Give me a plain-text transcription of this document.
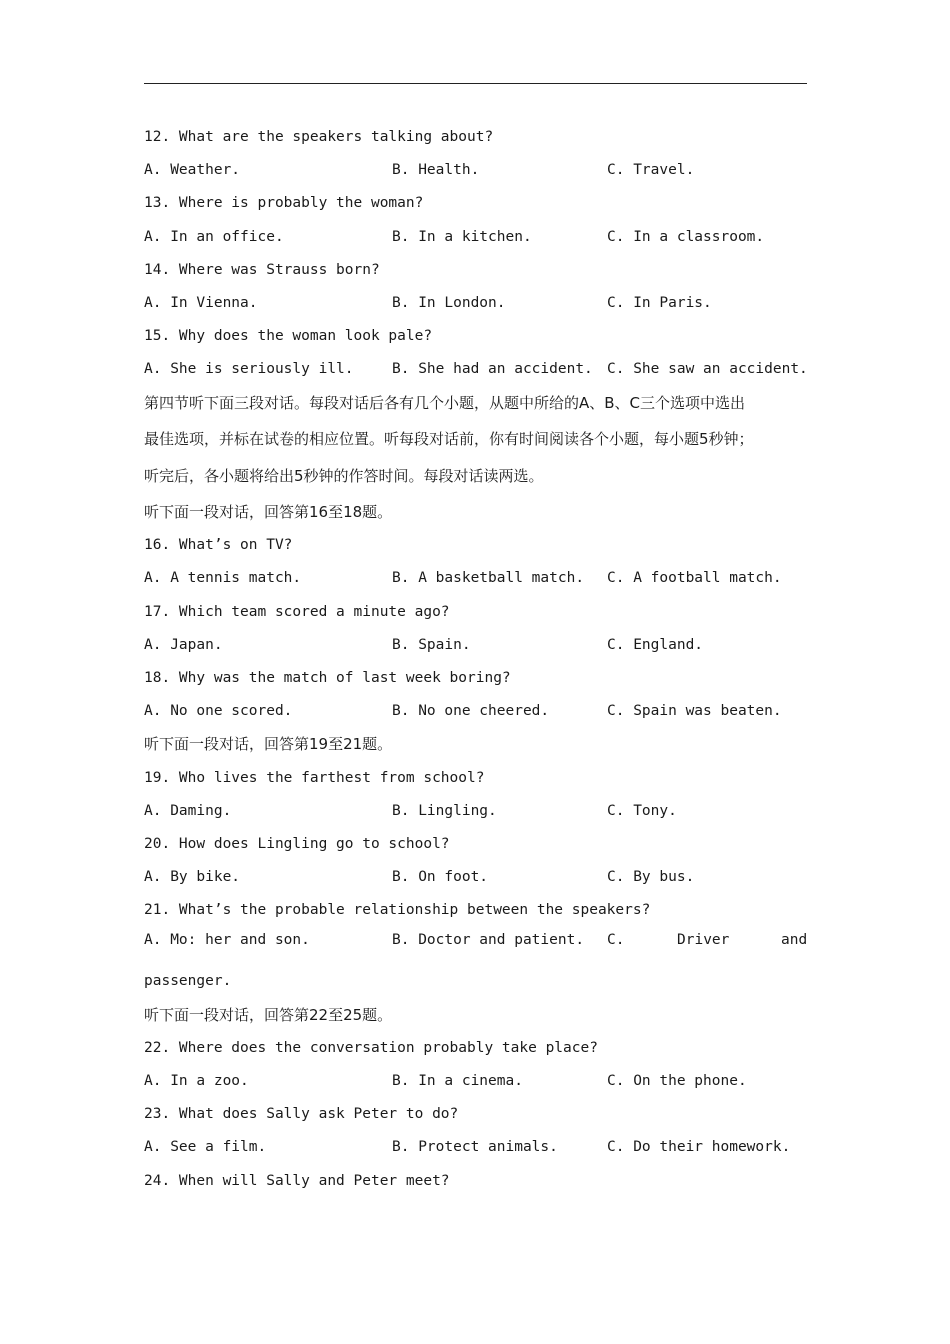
12. What are the speakers talking about?
A. Weather.	B. Health.	C. Travel.
13. Where is probably the woman?
A. In an office.	B. In a kitchen.	C. In a classroom.
14. Where was Strauss born?
A. In Vienna.	B. In London.	C. In Paris.
15. Why does the woman look pale?
A. She is seriously ill.	B. She had an accident. C. She saw an accident.
第四节听下面三段对话。每段对话后各有几个小题，从题中所给的A、B、C三个选项中选出
最佳选项，并标在试卷的相应位置。听每段对话前，你有时间阅读各个小题，每小题5秒钟；
听完后，各小题将给出5秒钟的作答时间。每段对话读两选。
听下面一段对话，回答第16至18题。
16. What’s on TV?
A. A tennis match.	B. A basketball match. C. A football match.
17. Which team scored a minute ago?
A. Japan.	B. Spain.	C. England.
18. Why was the match of last week boring?
A. No one scored.	B. No one cheered.	C. Spain was beaten.
听下面一段对话，回答第19至21题。
19. Who lives the farthest from school?
A. Daming.	B. Lingling.	C. Tony.
20. How does Lingling go to school?
A. By bike.	B. On foot.	C. By bus.
21. What’s the probable relationship between the speakers?
A. Mo: her and son.	B. Doctor and patient. C.	Driver	and
passenger.
听下面一段对话，回答第22至25题。
22. Where does the conversation probably take place?
A. In a zoo.	B. In a cinema.	C. On the phone.
23. What does Sally ask Peter to do?
A. See a film.	B. Protect animals.	C. Do their homework.
24. When will Sally and Peter meet?
